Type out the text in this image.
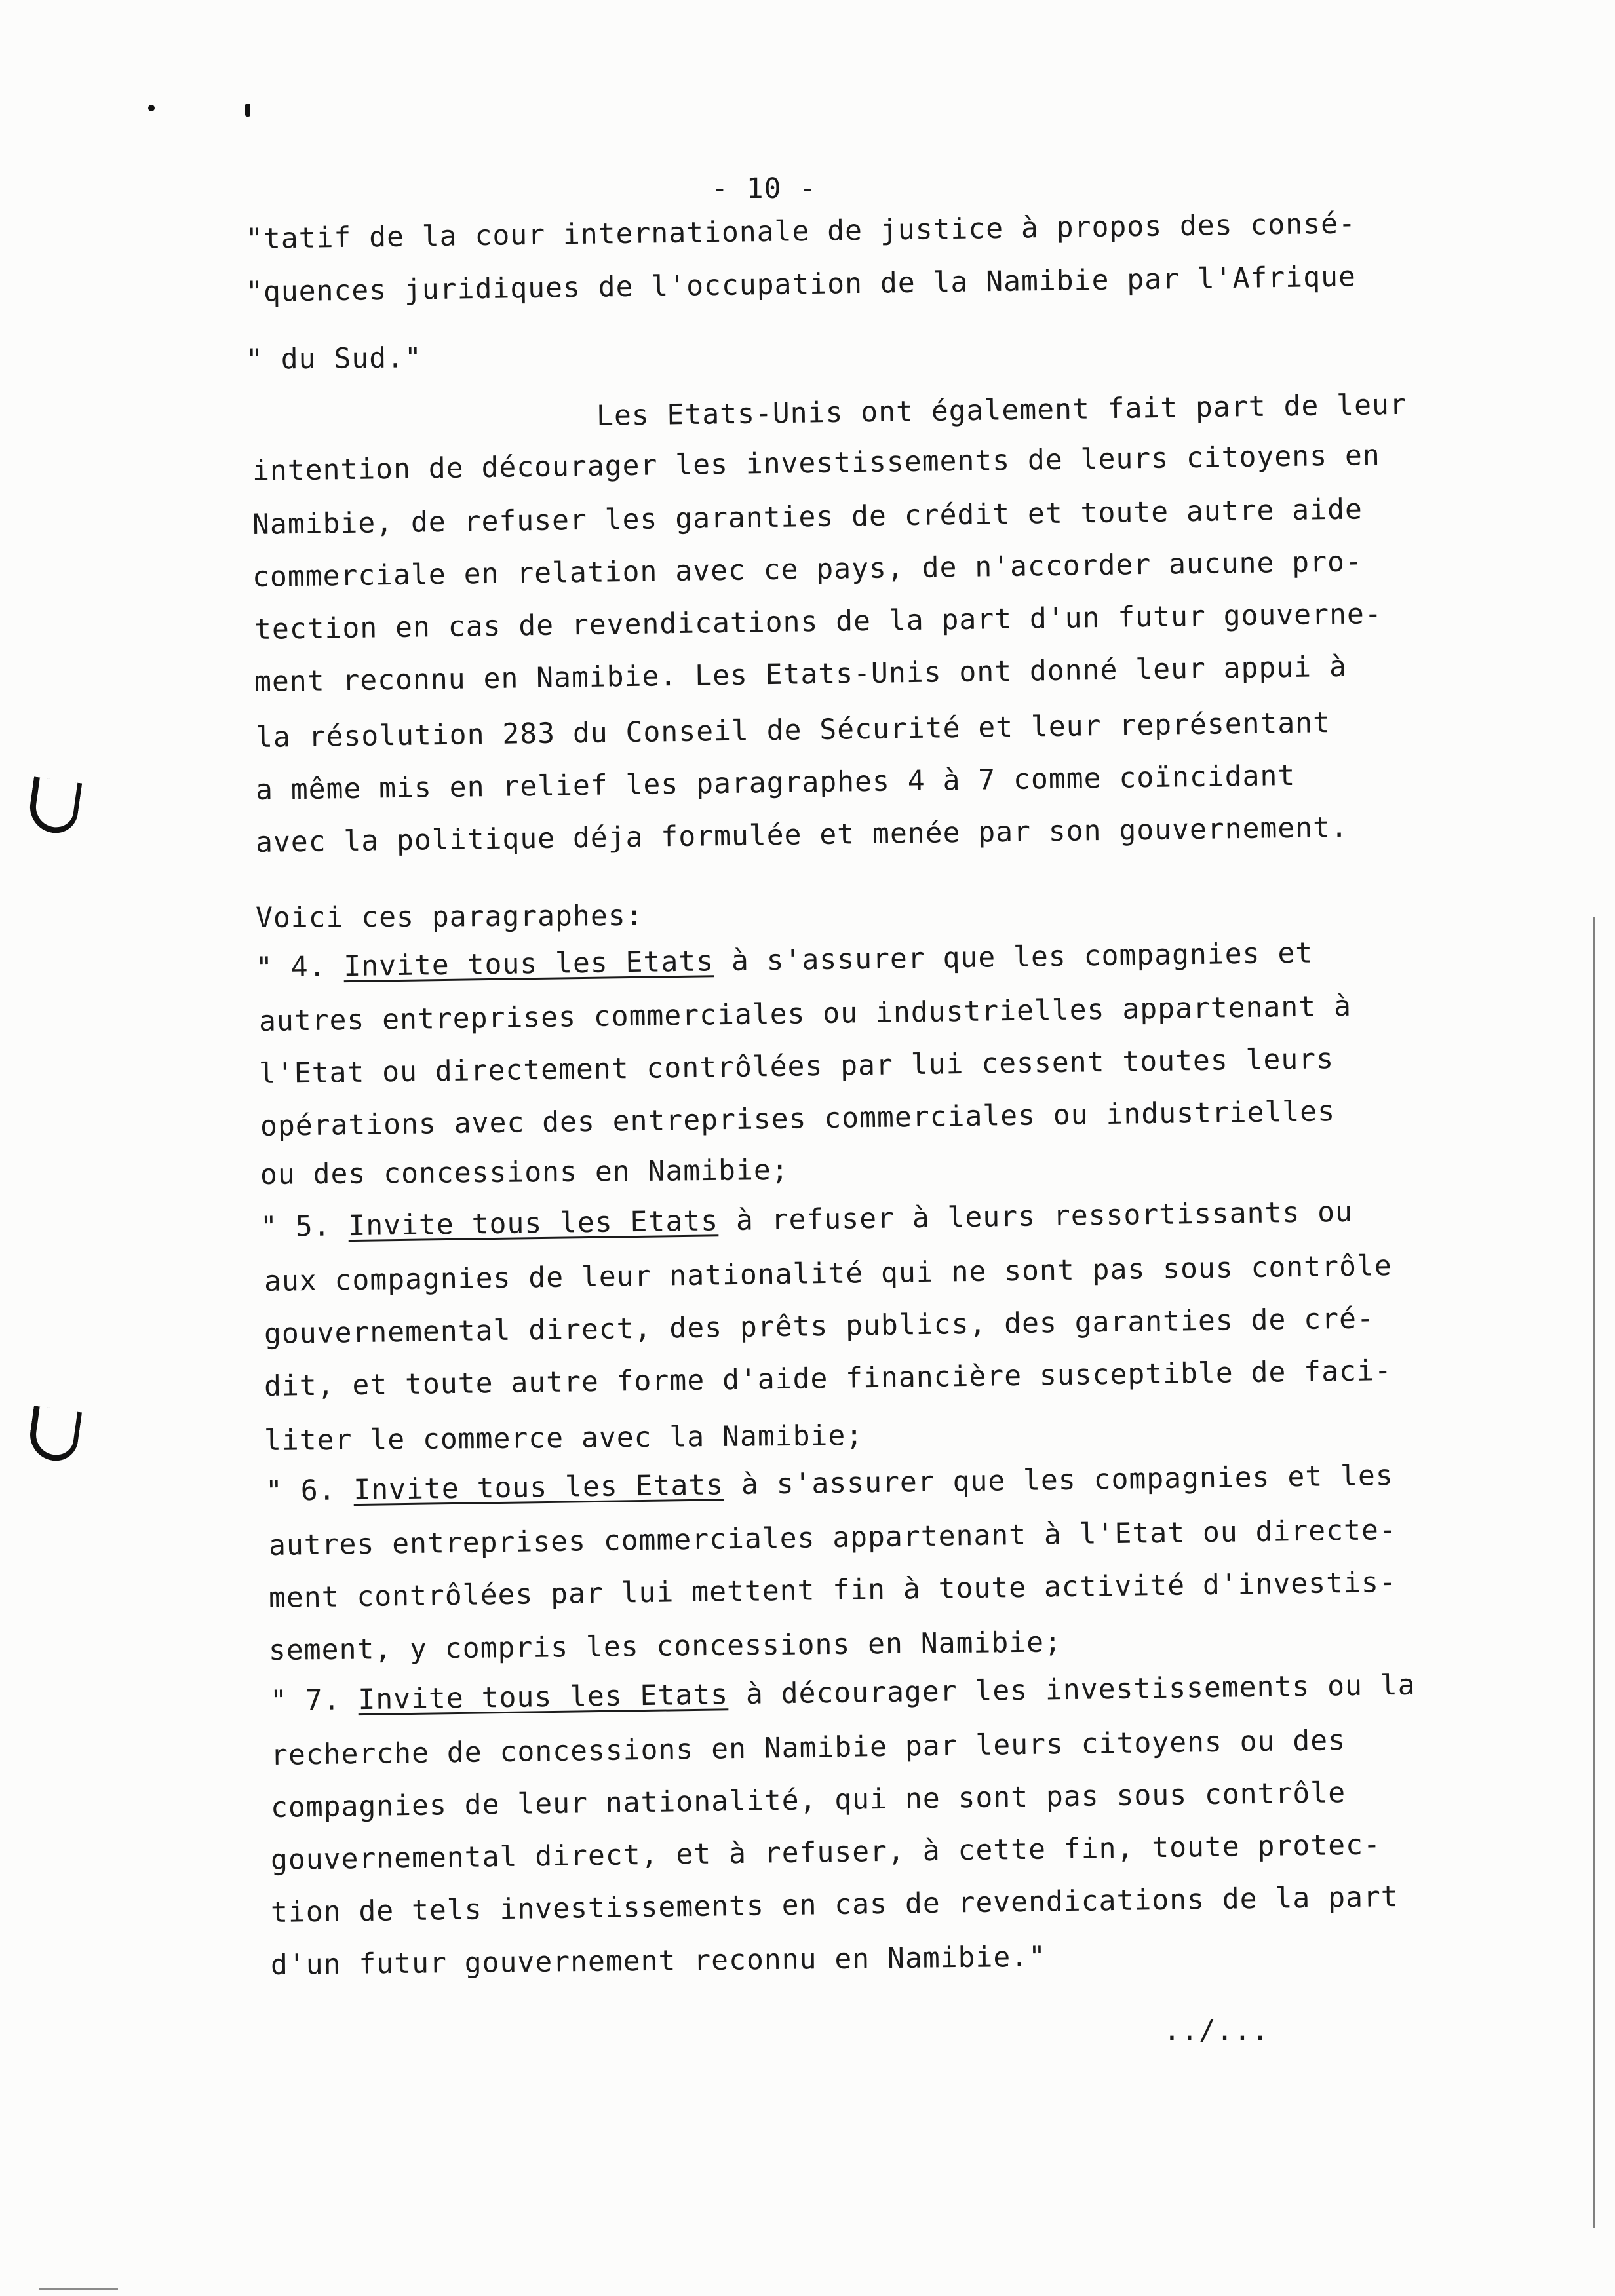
- 10 -
"tatif de la cour internationale de justice à propos des consé-
"quences juridiques de l'occupation de la Namibie par l'Afrique
" du Sud."
Les Etats-Unis ont également fait part de leur
intention de décourager les investissements de leurs citoyens en
Namibie, de refuser les garanties de crédit et toute autre aide
commerciale en relation avec ce pays, de n'accorder aucune pro-
tection en cas de revendications de la part d'un futur gouverne-
ment reconnu en Namibie. Les Etats-Unis ont donné leur appui à
la résolution 283 du Conseil de Sécurité et leur représentant
a même mis en relief les paragraphes 4 à 7 comme coïncidant
avec la politique déja formulée et menée par son gouvernement.
Voici ces paragraphes:
" 4. Invite tous les Etats à s'assurer que les compagnies et
autres entreprises commerciales ou industrielles appartenant à
l'Etat ou directement contrôlées par lui cessent toutes leurs
opérations avec des entreprises commerciales ou industrielles
ou des concessions en Namibie;
" 5. Invite tous les Etats à refuser à leurs ressortissants ou
aux compagnies de leur nationalité qui ne sont pas sous contrôle
gouvernemental direct, des prêts publics, des garanties de cré-
dit, et toute autre forme d'aide financière susceptible de faci-
liter le commerce avec la Namibie;
" 6. Invite tous les Etats à s'assurer que les compagnies et les
autres entreprises commerciales appartenant à l'Etat ou directe-
ment contrôlées par lui mettent fin à toute activité d'investis-
sement, y compris les concessions en Namibie;
" 7. Invite tous les Etats à décourager les investissements ou la
recherche de concessions en Namibie par leurs citoyens ou des
compagnies de leur nationalité, qui ne sont pas sous contrôle
gouvernemental direct, et à refuser, à cette fin, toute protec-
tion de tels investissements en cas de revendications de la part
d'un futur gouvernement reconnu en Namibie."
../...
